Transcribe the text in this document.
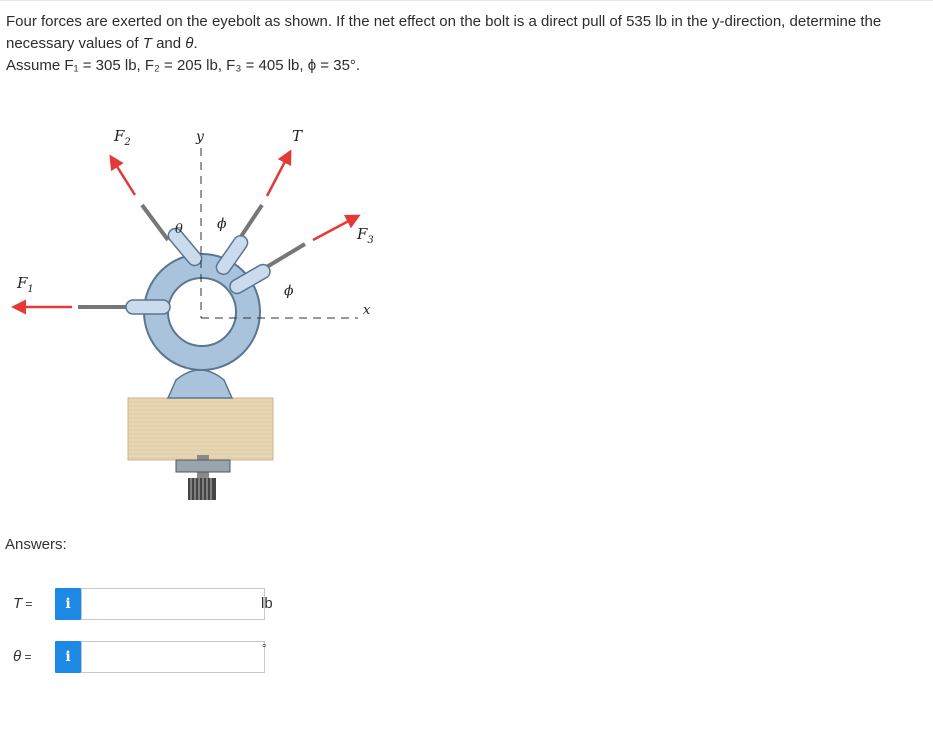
Four forces are exerted on the eyebolt as shown. If the net effect on the bolt is a direct pull of 535 lb in the y-direction, determine the

necessary values of T and θ.

Assume F₁ = 305 lb, F₂ = 205 lb, F₃ = 405 lb, ϕ = 35°.

$F_2$	y	T
$F_3$
$F_1$
x
θ ϕ
ϕ
Answers:
T =	i	lb
θ =	i	°
